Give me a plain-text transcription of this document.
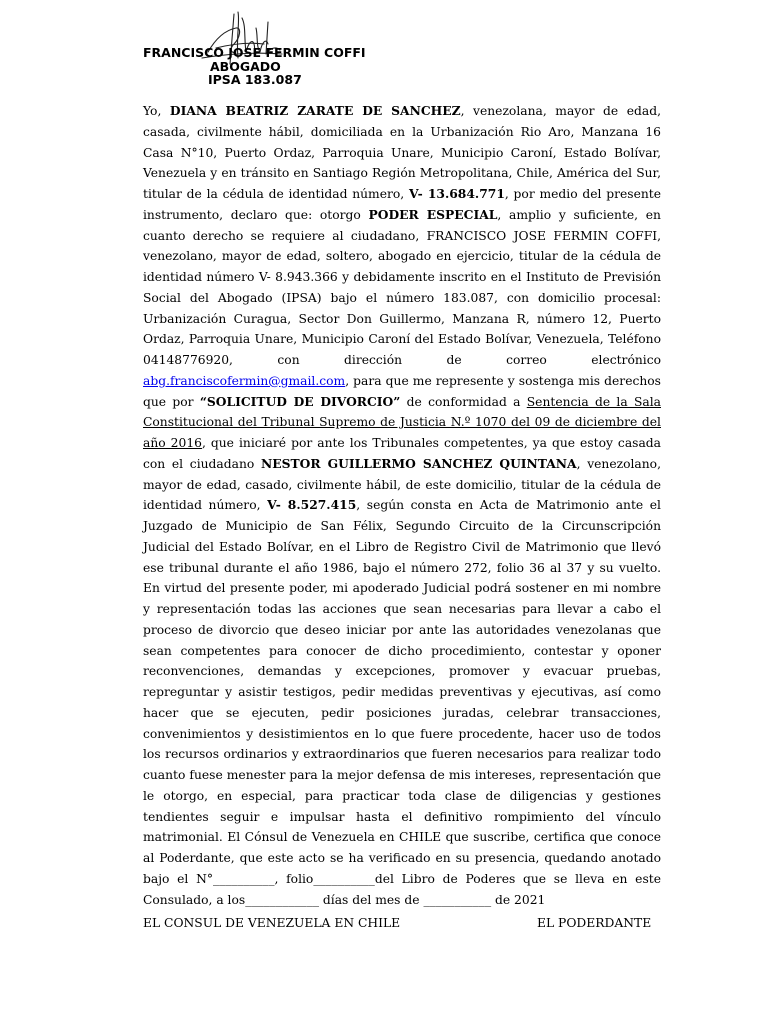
FRANCISCO JOSE FERMIN COFFI
ABOGADO
IPSA 183.087
Yo, DIANA BEATRIZ ZARATE DE SANCHEZ, venezolana, mayor de edad, casada, civilmente hábil, domiciliada en la Urbanización Rio Aro, Manzana 16 Casa N°10, Puerto Ordaz, Parroquia Unare, Municipio Caroní, Estado Bolívar, Venezuela y en tránsito en Santiago Región Metropolitana, Chile, América del Sur, titular de la cédula de identidad número, V- 13.684.771, por medio del presente instrumento, declaro que: otorgo PODER ESPECIAL, amplio y suficiente, en cuanto derecho se requiere al ciudadano, FRANCISCO JOSE FERMIN COFFI, venezolano, mayor de edad, soltero, abogado en ejercicio, titular de la cédula de identidad número V- 8.943.366 y debidamente inscrito en el Instituto de Previsión Social del Abogado (IPSA) bajo el número 183.087, con domicilio procesal: Urbanización Curagua, Sector Don Guillermo, Manzana R, número 12, Puerto Ordaz, Parroquia Unare, Municipio Caroní del Estado Bolívar, Venezuela, Teléfono 04148776920, con dirección de correo electrónico abg.franciscofermin@gmail.com, para que me represente y sostenga mis derechos que por “SOLICITUD DE DIVORCIO” de conformidad a Sentencia de la Sala Constitucional del Tribunal Supremo de Justicia N.º 1070 del 09 de diciembre del año 2016, que iniciaré por ante los Tribunales competentes, ya que estoy casada con el ciudadano NESTOR GUILLERMO SANCHEZ QUINTANA, venezolano, mayor de edad, casado, civilmente hábil, de este domicilio, titular de la cédula de identidad número, V- 8.527.415, según consta en Acta de Matrimonio ante el Juzgado de Municipio de San Félix, Segundo Circuito de la Circunscripción Judicial del Estado Bolívar, en el Libro de Registro Civil de Matrimonio que llevó ese tribunal durante el año 1986, bajo el número 272, folio 36 al 37 y su vuelto. En virtud del presente poder, mi apoderado Judicial podrá sostener en mi nombre y representación todas las acciones que sean necesarias para llevar a cabo el proceso de divorcio que deseo iniciar por ante las autoridades venezolanas que sean competentes para conocer de dicho procedimiento, contestar y oponer reconvenciones, demandas y excepciones, promover y evacuar pruebas, repreguntar y asistir testigos, pedir medidas preventivas y ejecutivas, así como hacer que se ejecuten, pedir posiciones juradas, celebrar transacciones, convenimientos y desistimientos en lo que fuere procedente, hacer uso de todos los recursos ordinarios y extraordinarios que fueren necesarios para realizar todo cuanto fuese menester para la mejor defensa de mis intereses, representación que le otorgo, en especial, para practicar toda clase de diligencias y gestiones tendientes seguir e impulsar hasta el definitivo rompimiento del vínculo matrimonial. El Cónsul de Venezuela en CHILE que suscribe, certifica que conoce al Poderdante, que este acto se ha verificado en su presencia, quedando anotado bajo el N°__________, folio__________del Libro de Poderes que se lleva en este Consulado, a los____________ días del mes de ___________ de 2021
EL CONSUL DE VENEZUELA EN CHILE	EL PODERDANTE
